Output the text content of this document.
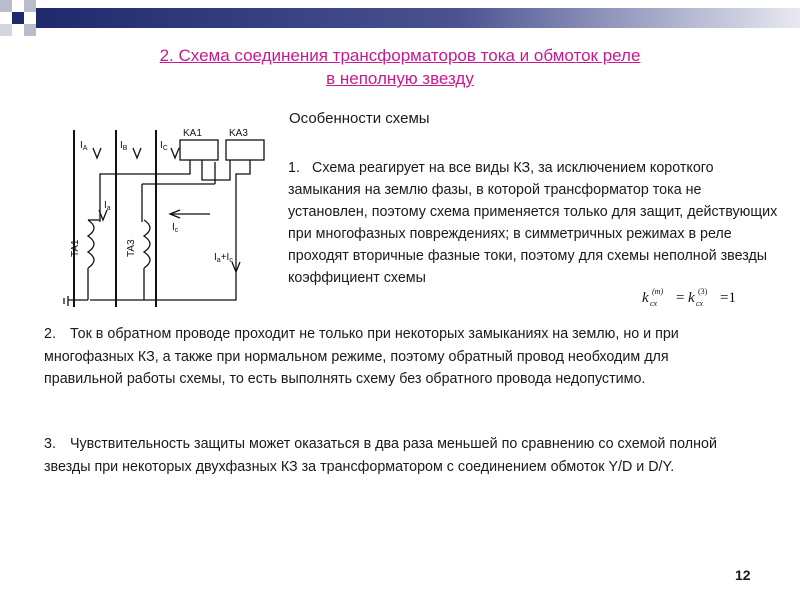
2. Схема соединения трансформаторов тока и обмоток реле
в неполную звезду
$I_A$	$I_B$	$I_C$
KA1	KA3
TA1	TA3
$I_a$
$I_c$
$I_a+I_c$
Особенности схемы
1. Схема реагирует на все виды КЗ, за исключением короткого замыкания на землю фазы, в которой трансформатор тока не установлен, поэтому схема применяется только для защит, действующих при многофазных повреждениях; в симметричных режимах в реле проходят вторичные фазные токи, поэтому для схемы неполной звезды коэффициент схемы
k сх
(m) = k сх
(3) =1
2. Ток в обратном проводе проходит не только при некоторых замыканиях на землю, но и при многофазных КЗ, а также при нормальном режиме, поэтому обратный провод необходим для правильной работы схемы, то есть выполнять схему без обратного провода недопустимо.
3. Чувствительность защиты может оказаться в два раза меньшей по сравнению со схемой полной звезды при некоторых двухфазных КЗ за трансформатором с соединением обмоток Y/D и D/Y.
12
